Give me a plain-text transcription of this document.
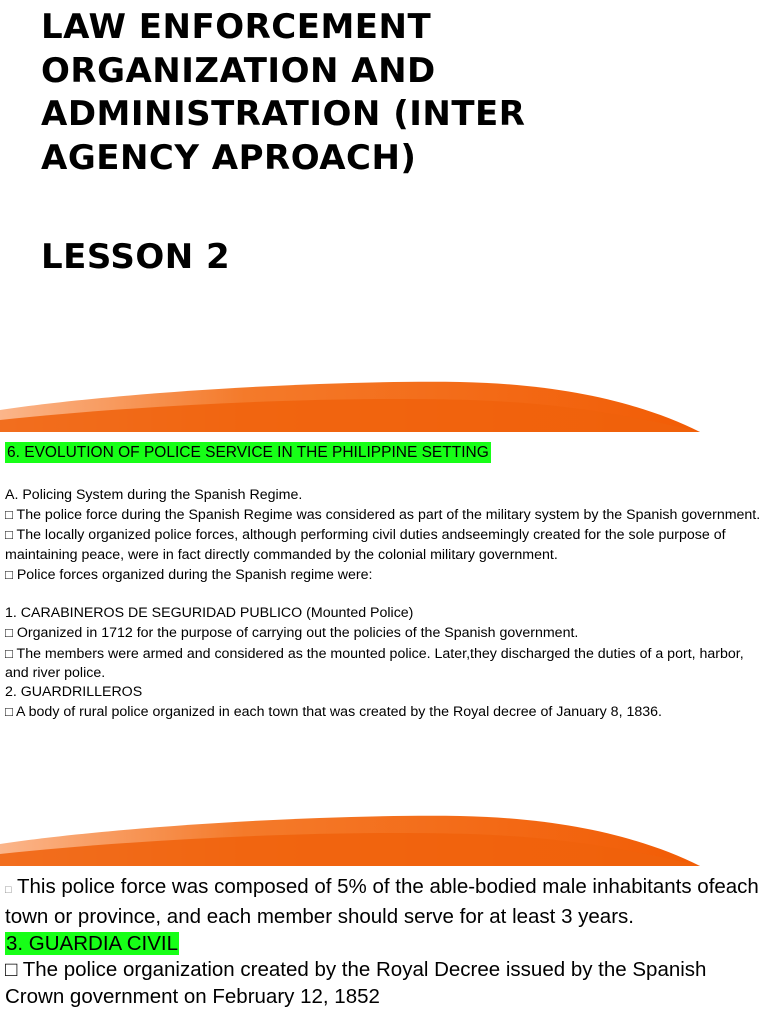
LAW ENFORCEMENT
ORGANIZATION AND
ADMINISTRATION (INTER
AGENCY APROACH)
LESSON 2
6. EVOLUTION OF POLICE SERVICE IN THE PHILIPPINE SETTING

A. Policing System during the Spanish Regime.

□ The police force during the Spanish Regime was considered as part of the military system by the Spanish government.

□ The locally organized police forces, although performing civil duties andseemingly created for the sole purpose of maintaining peace, were in fact directly commanded by the colonial military government.

□ Police forces organized during the Spanish regime were:

1. CARABINEROS DE SEGURIDAD PUBLICO (Mounted Police)

□ Organized in 1712 for the purpose of carrying out the policies of the Spanish government.

□ The members were armed and considered as the mounted police. Later,they discharged the duties of a port, harbor, and river police.

2. GUARDRILLEROS

□ A body of rural police organized in each town that was created by the Royal decree of January 8, 1836.

□ This police force was composed of 5% of the able-bodied male inhabitants ofeach town or province, and each member should serve for at least 3 years.

3. GUARDIA CIVIL

□ The police organization created by the Royal Decree issued by the Spanish Crown government on February 12, 1852
